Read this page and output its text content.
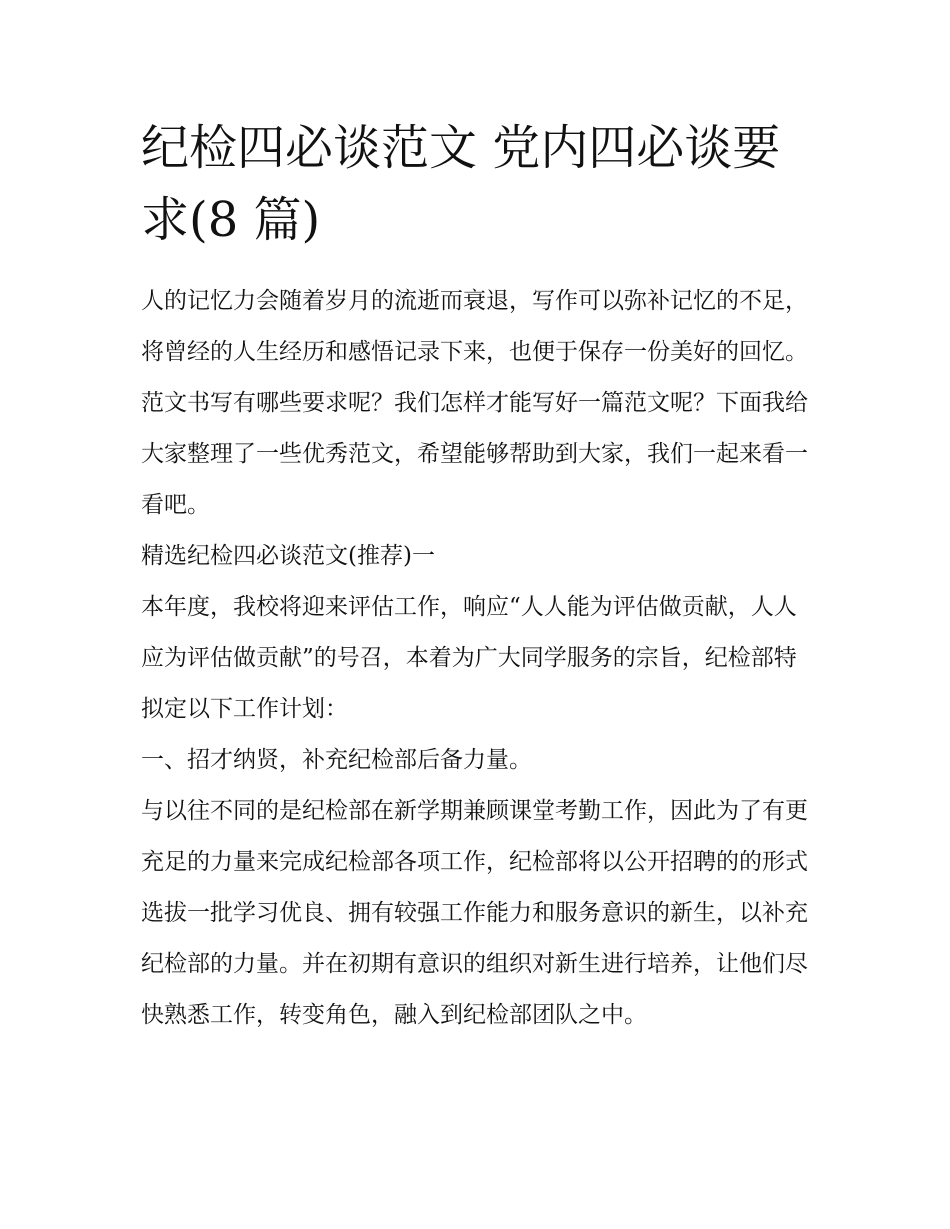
纪检四必谈范文 党内四必谈要求(8 篇)

人的记忆力会随着岁月的流逝而衰退，写作可以弥补记忆的不足，将曾经的人生经历和感悟记录下来，也便于保存一份美好的回忆。范文书写有哪些要求呢？我们怎样才能写好一篇范文呢？下面我给大家整理了一些优秀范文，希望能够帮助到大家，我们一起来看一看吧。

精选纪检四必谈范文(推荐)一

本年度，我校将迎来评估工作，响应“人人能为评估做贡献，人人应为评估做贡献”的号召，本着为广大同学服务的宗旨，纪检部特拟定以下工作计划：

一、招才纳贤，补充纪检部后备力量。

与以往不同的是纪检部在新学期兼顾课堂考勤工作，因此为了有更充足的力量来完成纪检部各项工作，纪检部将以公开招聘的的形式选拔一批学习优良、拥有较强工作能力和服务意识的新生，以补充纪检部的力量。并在初期有意识的组织对新生进行培养，让他们尽快熟悉工作，转变角色，融入到纪检部团队之中。
